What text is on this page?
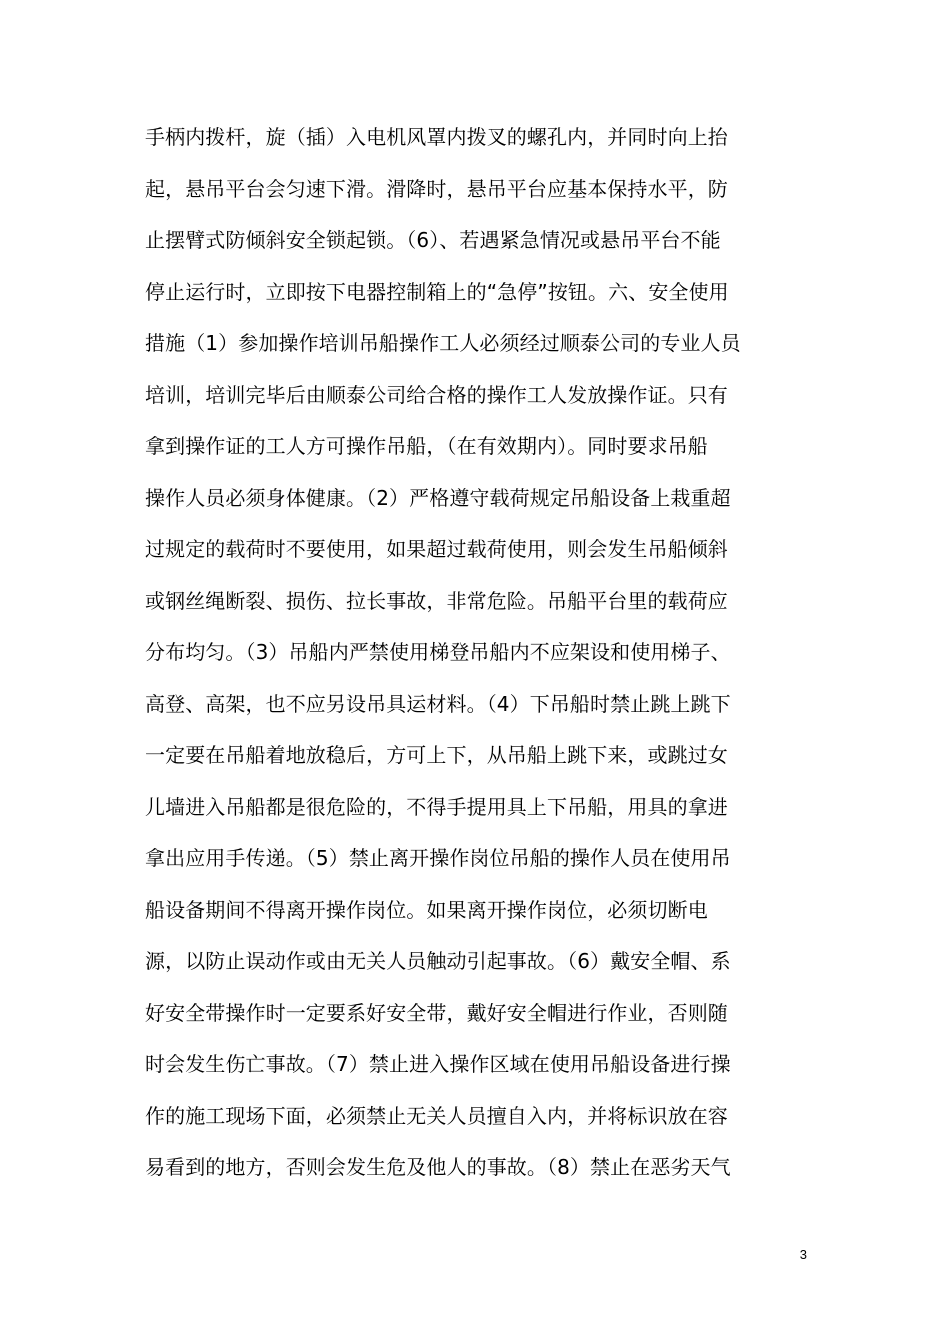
手柄内拨杆，旋（插）入电机风罩内拨叉的螺孔内，并同时向上抬
起，悬吊平台会匀速下滑。滑降时，悬吊平台应基本保持水平，防
止摆臂式防倾斜安全锁起锁。（6）、若遇紧急情况或悬吊平台不能
停止运行时，立即按下电器控制箱上的“急停”按钮。六、安全使用
措施（1）参加操作培训吊船操作工人必须经过顺泰公司的专业人员
培训，培训完毕后由顺泰公司给合格的操作工人发放操作证。只有
拿到操作证的工人方可操作吊船，（在有效期内）。同时要求吊船
操作人员必须身体健康。（2）严格遵守载荷规定吊船设备上栽重超
过规定的载荷时不要使用，如果超过载荷使用，则会发生吊船倾斜
或钢丝绳断裂、损伤、拉长事故，非常危险。吊船平台里的载荷应
分布均匀。（3）吊船内严禁使用梯登吊船内不应架设和使用梯子、
高登、高架，也不应另设吊具运材料。（4）下吊船时禁止跳上跳下
一定要在吊船着地放稳后，方可上下，从吊船上跳下来，或跳过女
儿墙进入吊船都是很危险的，不得手提用具上下吊船，用具的拿进
拿出应用手传递。（5）禁止离开操作岗位吊船的操作人员在使用吊
船设备期间不得离开操作岗位。如果离开操作岗位，必须切断电
源，以防止误动作或由无关人员触动引起事故。（6）戴安全帽、系
好安全带操作时一定要系好安全带，戴好安全帽进行作业，否则随
时会发生伤亡事故。（7）禁止进入操作区域在使用吊船设备进行操
作的施工现场下面，必须禁止无关人员擅自入内，并将标识放在容
易看到的地方，否则会发生危及他人的事故。（8）禁止在恶劣天气
3
